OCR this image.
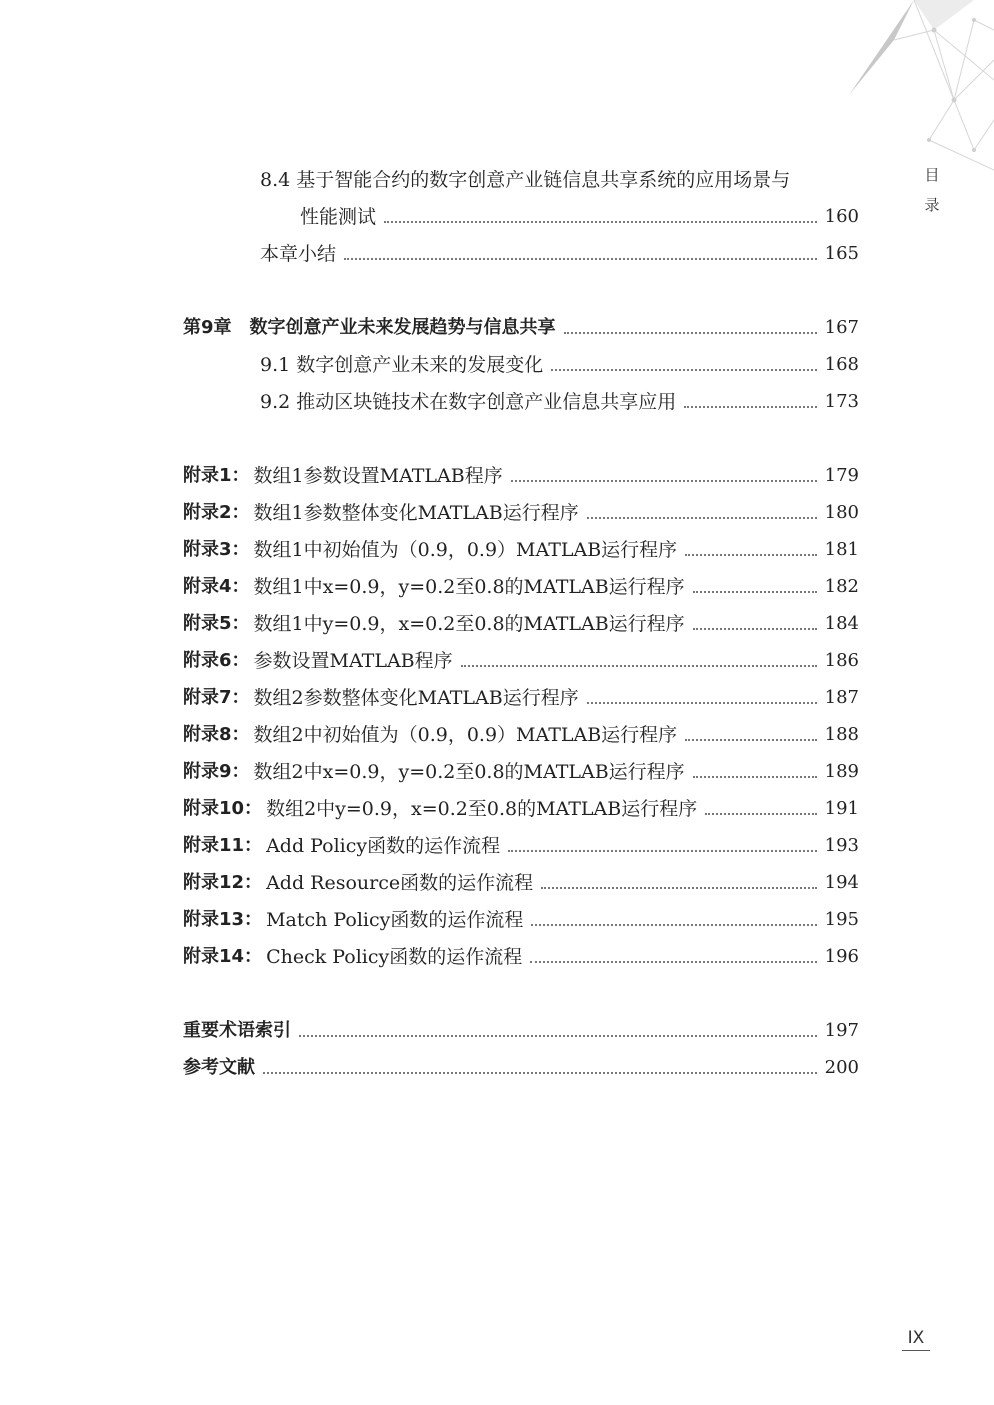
目
录
8.4 基于智能合约的数字创意产业链信息共享系统的应用场景与
性能测试	160
本章小结	165
第9章 数字创意产业未来发展趋势与信息共享	167
9.1 数字创意产业未来的发展变化	168
9.2 推动区块链技术在数字创意产业信息共享应用	173
附录1： 数组1参数设置MATLAB程序	179
附录2： 数组1参数整体变化MATLAB运行程序	180
附录3： 数组1中初始值为（0.9，0.9）MATLAB运行程序	181
附录4： 数组1中x=0.9，y=0.2至0.8的MATLAB运行程序	182
附录5： 数组1中y=0.9，x=0.2至0.8的MATLAB运行程序	184
附录6： 参数设置MATLAB程序	186
附录7： 数组2参数整体变化MATLAB运行程序	187
附录8： 数组2中初始值为（0.9，0.9）MATLAB运行程序	188
附录9： 数组2中x=0.9，y=0.2至0.8的MATLAB运行程序	189
附录10： 数组2中y=0.9，x=0.2至0.8的MATLAB运行程序	191
附录11： Add Policy函数的运作流程	193
附录12： Add Resource函数的运作流程	194
附录13： Match Policy函数的运作流程	195
附录14： Check Policy函数的运作流程	196
重要术语索引	197
参考文献	200
IX
